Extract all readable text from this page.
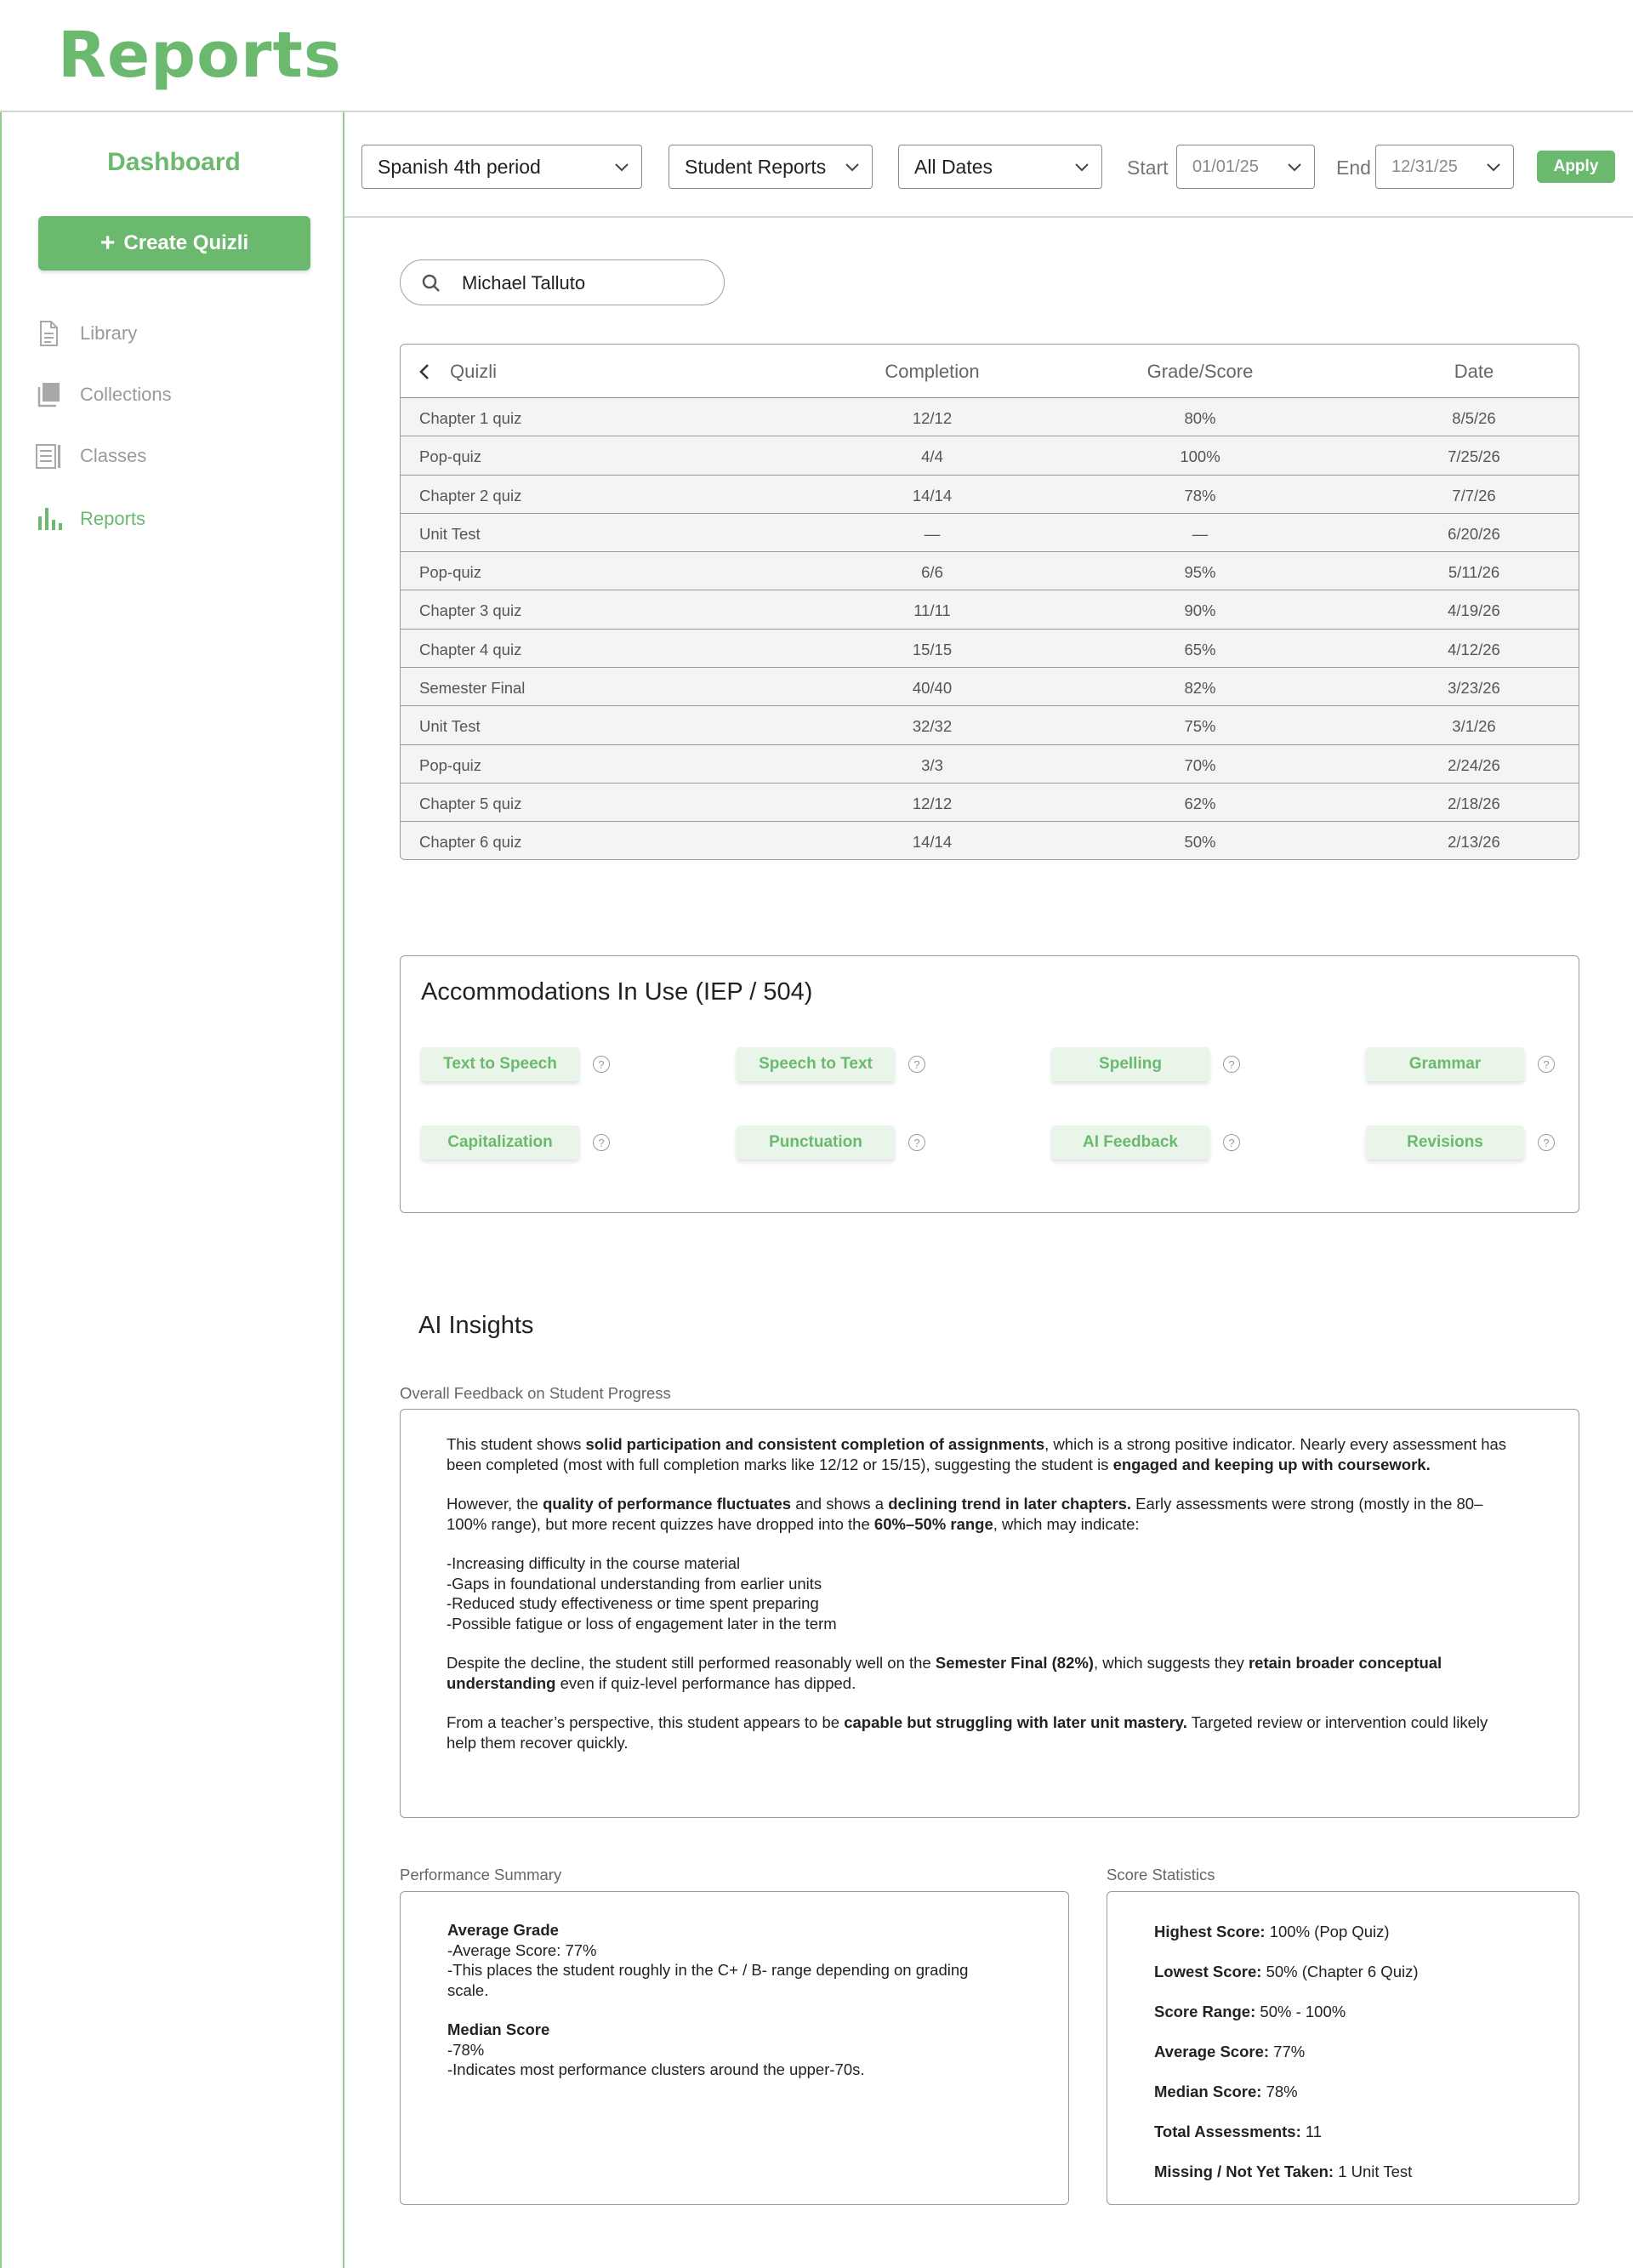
Reports
Dashboard
+ Create Quizli
Library
Collections
Classes
Reports
Spanish 4th period	Student Reports	All Dates	Start 01/01/25	End 12/31/25	Apply
Michael Talluto
Quizli	Completion	Grade/Score	Date
Chapter 1 quiz	12/12	80%	8/5/26
Pop-quiz	4/4	100%	7/25/26
Chapter 2 quiz	14/14	78%	7/7/26
Unit Test	—	—	6/20/26
Pop-quiz	6/6	95%	5/11/26
Chapter 3 quiz	11/11	90%	4/19/26
Chapter 4 quiz	15/15	65%	4/12/26
Semester Final	40/40	82%	3/23/26
Unit Test	32/32	75%	3/1/26
Pop-quiz	3/3	70%	2/24/26
Chapter 5 quiz	12/12	62%	2/18/26
Chapter 6 quiz	14/14	50%	2/13/26
Accommodations In Use (IEP / 504)
Text to Speech	?	Speech to Text	?	Spelling	?	Grammar	?
Capitalization	?	Punctuation	?	AI Feedback	?	Revisions	?
AI Insights
Overall Feedback on Student Progress

This student shows solid participation and consistent completion of assignments, which is a strong positive indicator. Nearly every assessment has been completed (most with full completion marks like 12/12 or 15/15), suggesting the student is engaged and keeping up with coursework.

However, the quality of performance fluctuates and shows a declining trend in later chapters. Early assessments were strong (mostly in the 80–100% range), but more recent quizzes have dropped into the 60%–50% range, which may indicate:

-Increasing difficulty in the course material
-Gaps in foundational understanding from earlier units
-Reduced study effectiveness or time spent preparing
-Possible fatigue or loss of engagement later in the term

Despite the decline, the student still performed reasonably well on the Semester Final (82%), which suggests they retain broader conceptual understanding even if quiz-level performance has dipped.

From a teacher’s perspective, this student appears to be capable but struggling with later unit mastery. Targeted review or intervention could likely help them recover quickly.

Performance Summary
Average Grade
-Average Score: 77%
-This places the student roughly in the C+ / B- range depending on grading scale.
Median Score
-78%
-Indicates most performance clusters around the upper-70s.
Score Statistics
Highest Score: 100% (Pop Quiz)
Lowest Score: 50% (Chapter 6 Quiz)
Score Range: 50% - 100%
Average Score: 77%
Median Score: 78%
Total Assessments: 11
Missing / Not Yet Taken: 1 Unit Test
